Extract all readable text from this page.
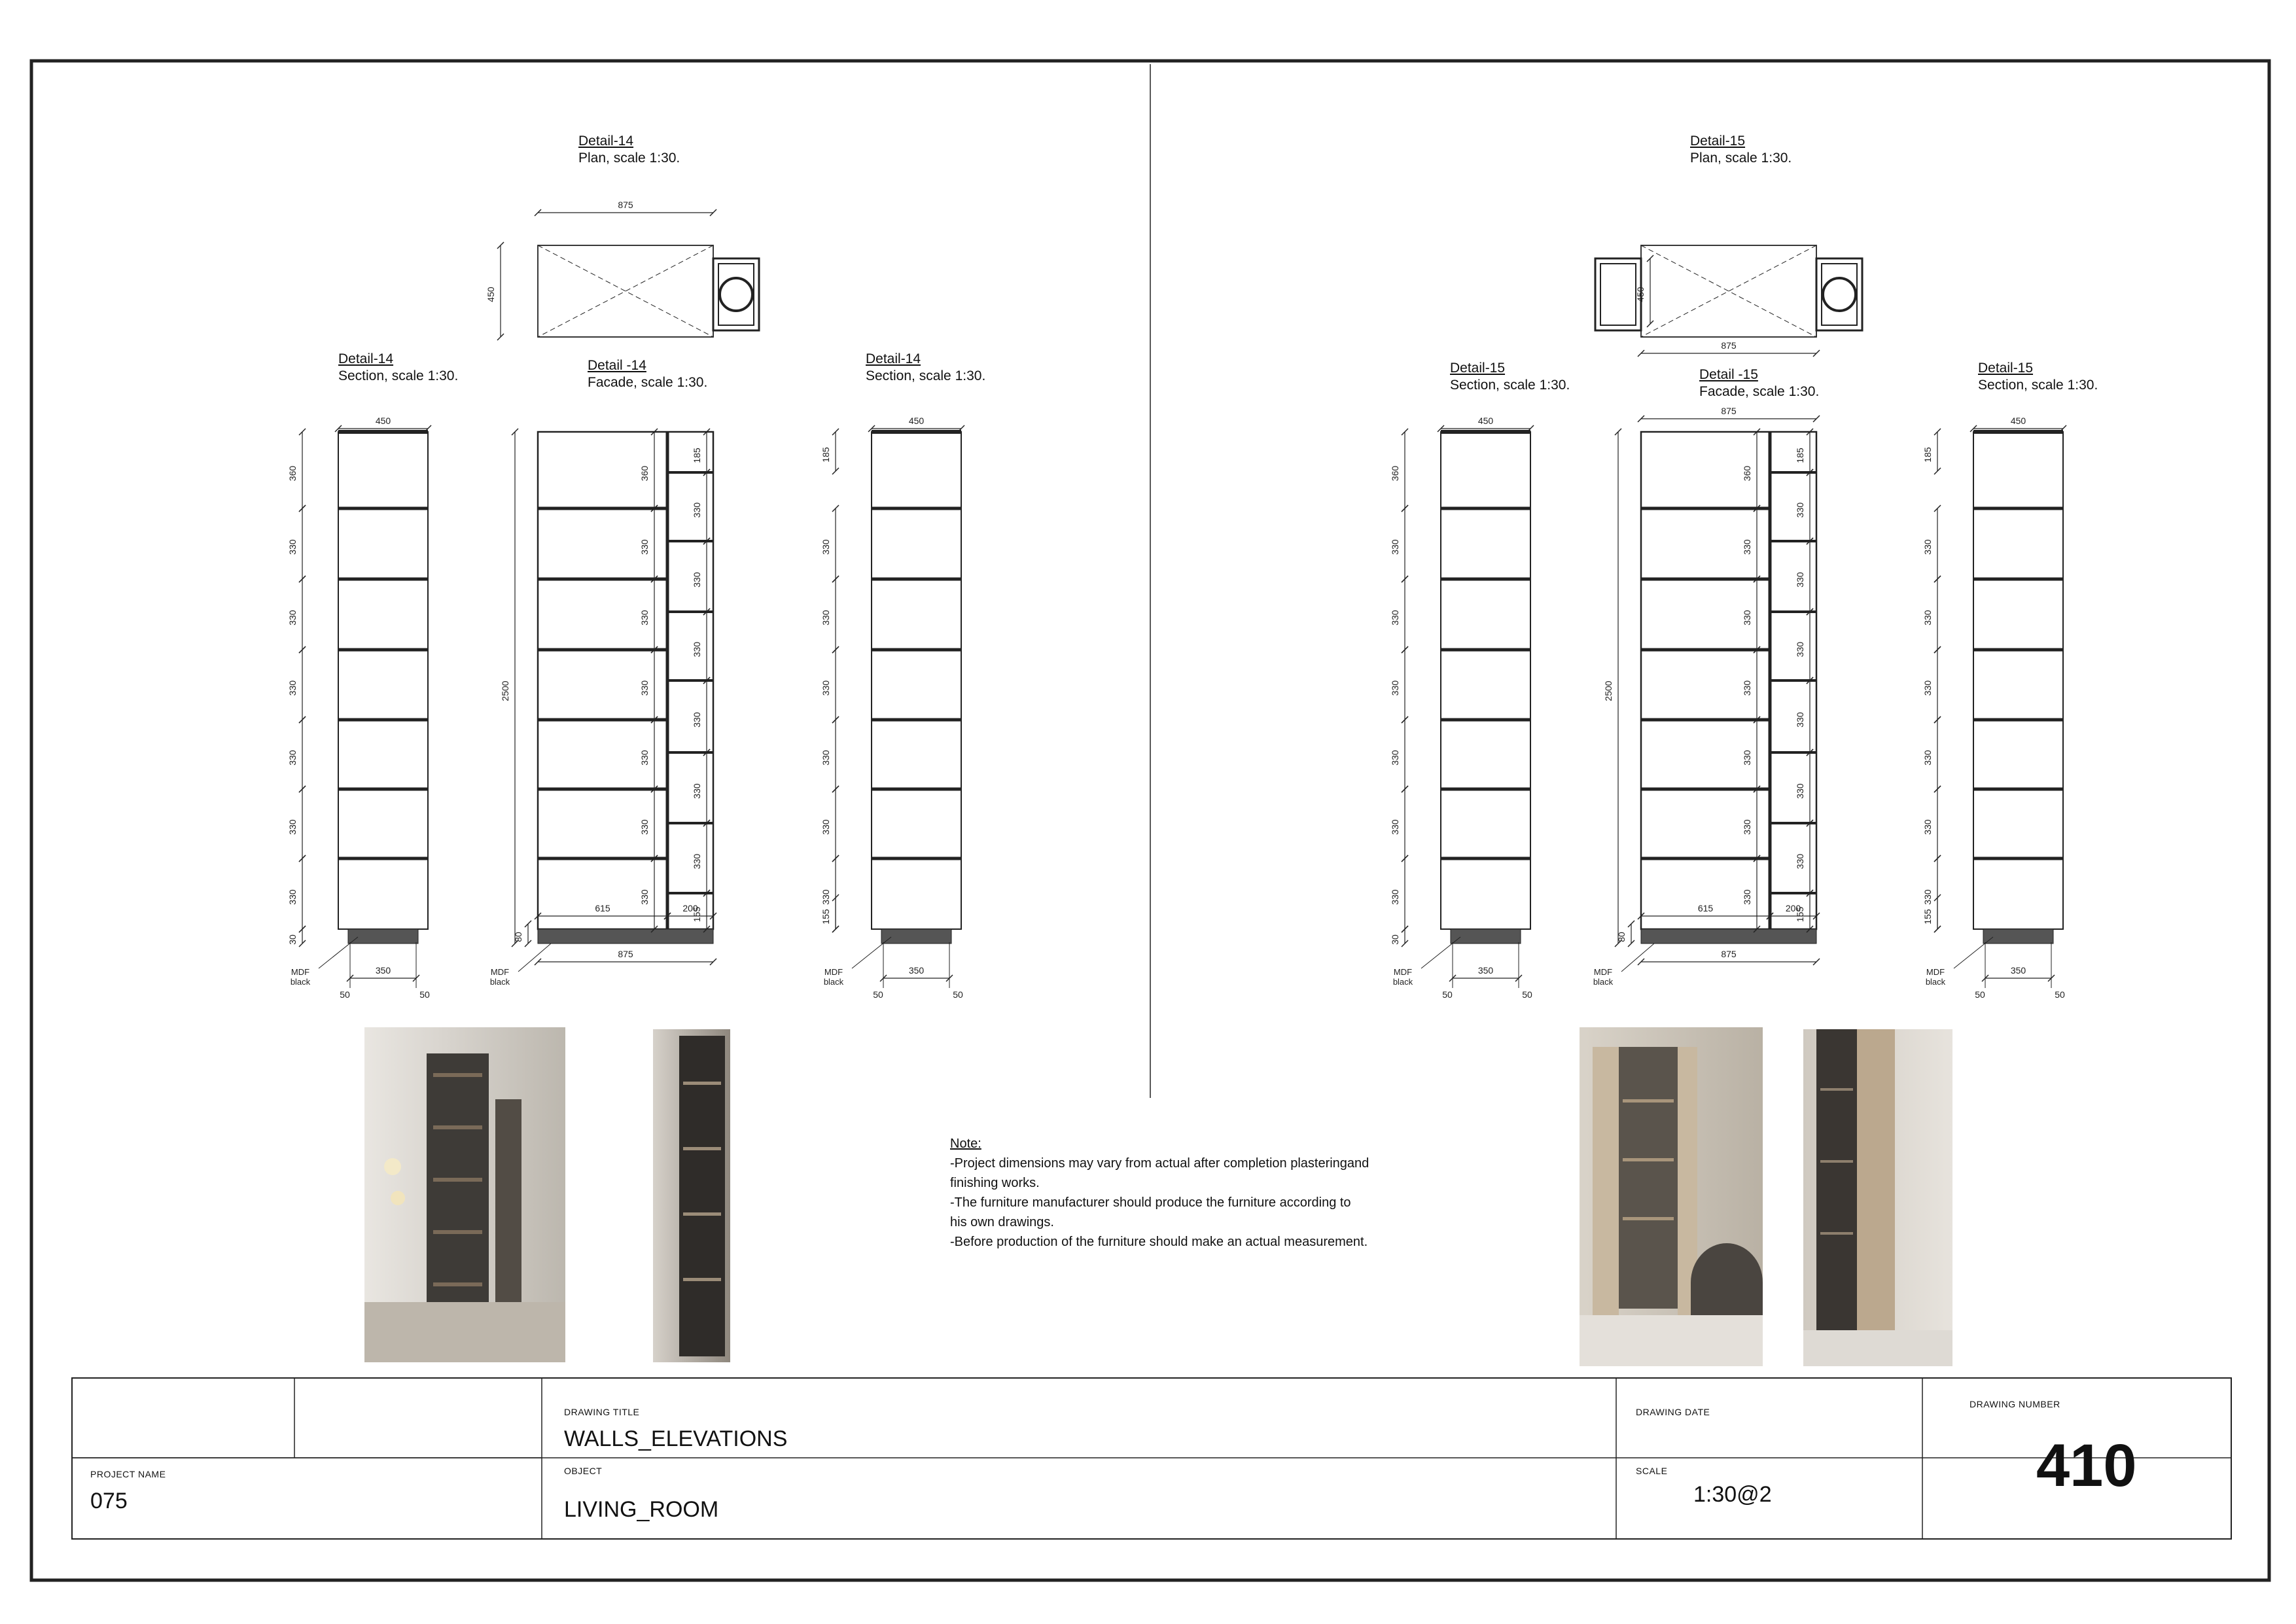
875
450
875
450
360
330
330
330
330
330
330
30
450
350
50	50
MDF
black
2500
360
330
330
330
330
330
330
185
330
330
330
330
330
330
155
615	200
875
80
MDF
black
185
330
330
330
330
330
330
155
450
350
50	50
MDF
black
360
330
330
330
330
330
330
30
450
350
50	50
MDF
black
2500
360
330
330
330
330
330
330
185
330
330
330
330
330
330
155
615	200
875
80
MDF
black
185
330
330
330
330
330
330
155
450
350
50	50
MDF
black
875
Detail-14
Plan, scale 1:30.
Detail-14
Section, scale 1:30.
Detail -14
Facade, scale 1:30.
Detail-14
Section, scale 1:30.
Detail-15
Plan, scale 1:30.
Detail-15
Section, scale 1:30.
Detail -15
Facade, scale 1:30.
Detail-15
Section, scale 1:30.
Note:
-Project dimensions may vary from actual after completion plasteringand
finishing works.
-The furniture manufacturer should produce the furniture according to
his own drawings.
-Before production of the furniture should make an actual measurement.
DRAWING TITLE
WALLS_ELEVATIONS
DRAWING DATE
DRAWING NUMBER
410
PROJECT NAME
075
OBJECT
LIVING_ROOM
SCALE
1:30@2
